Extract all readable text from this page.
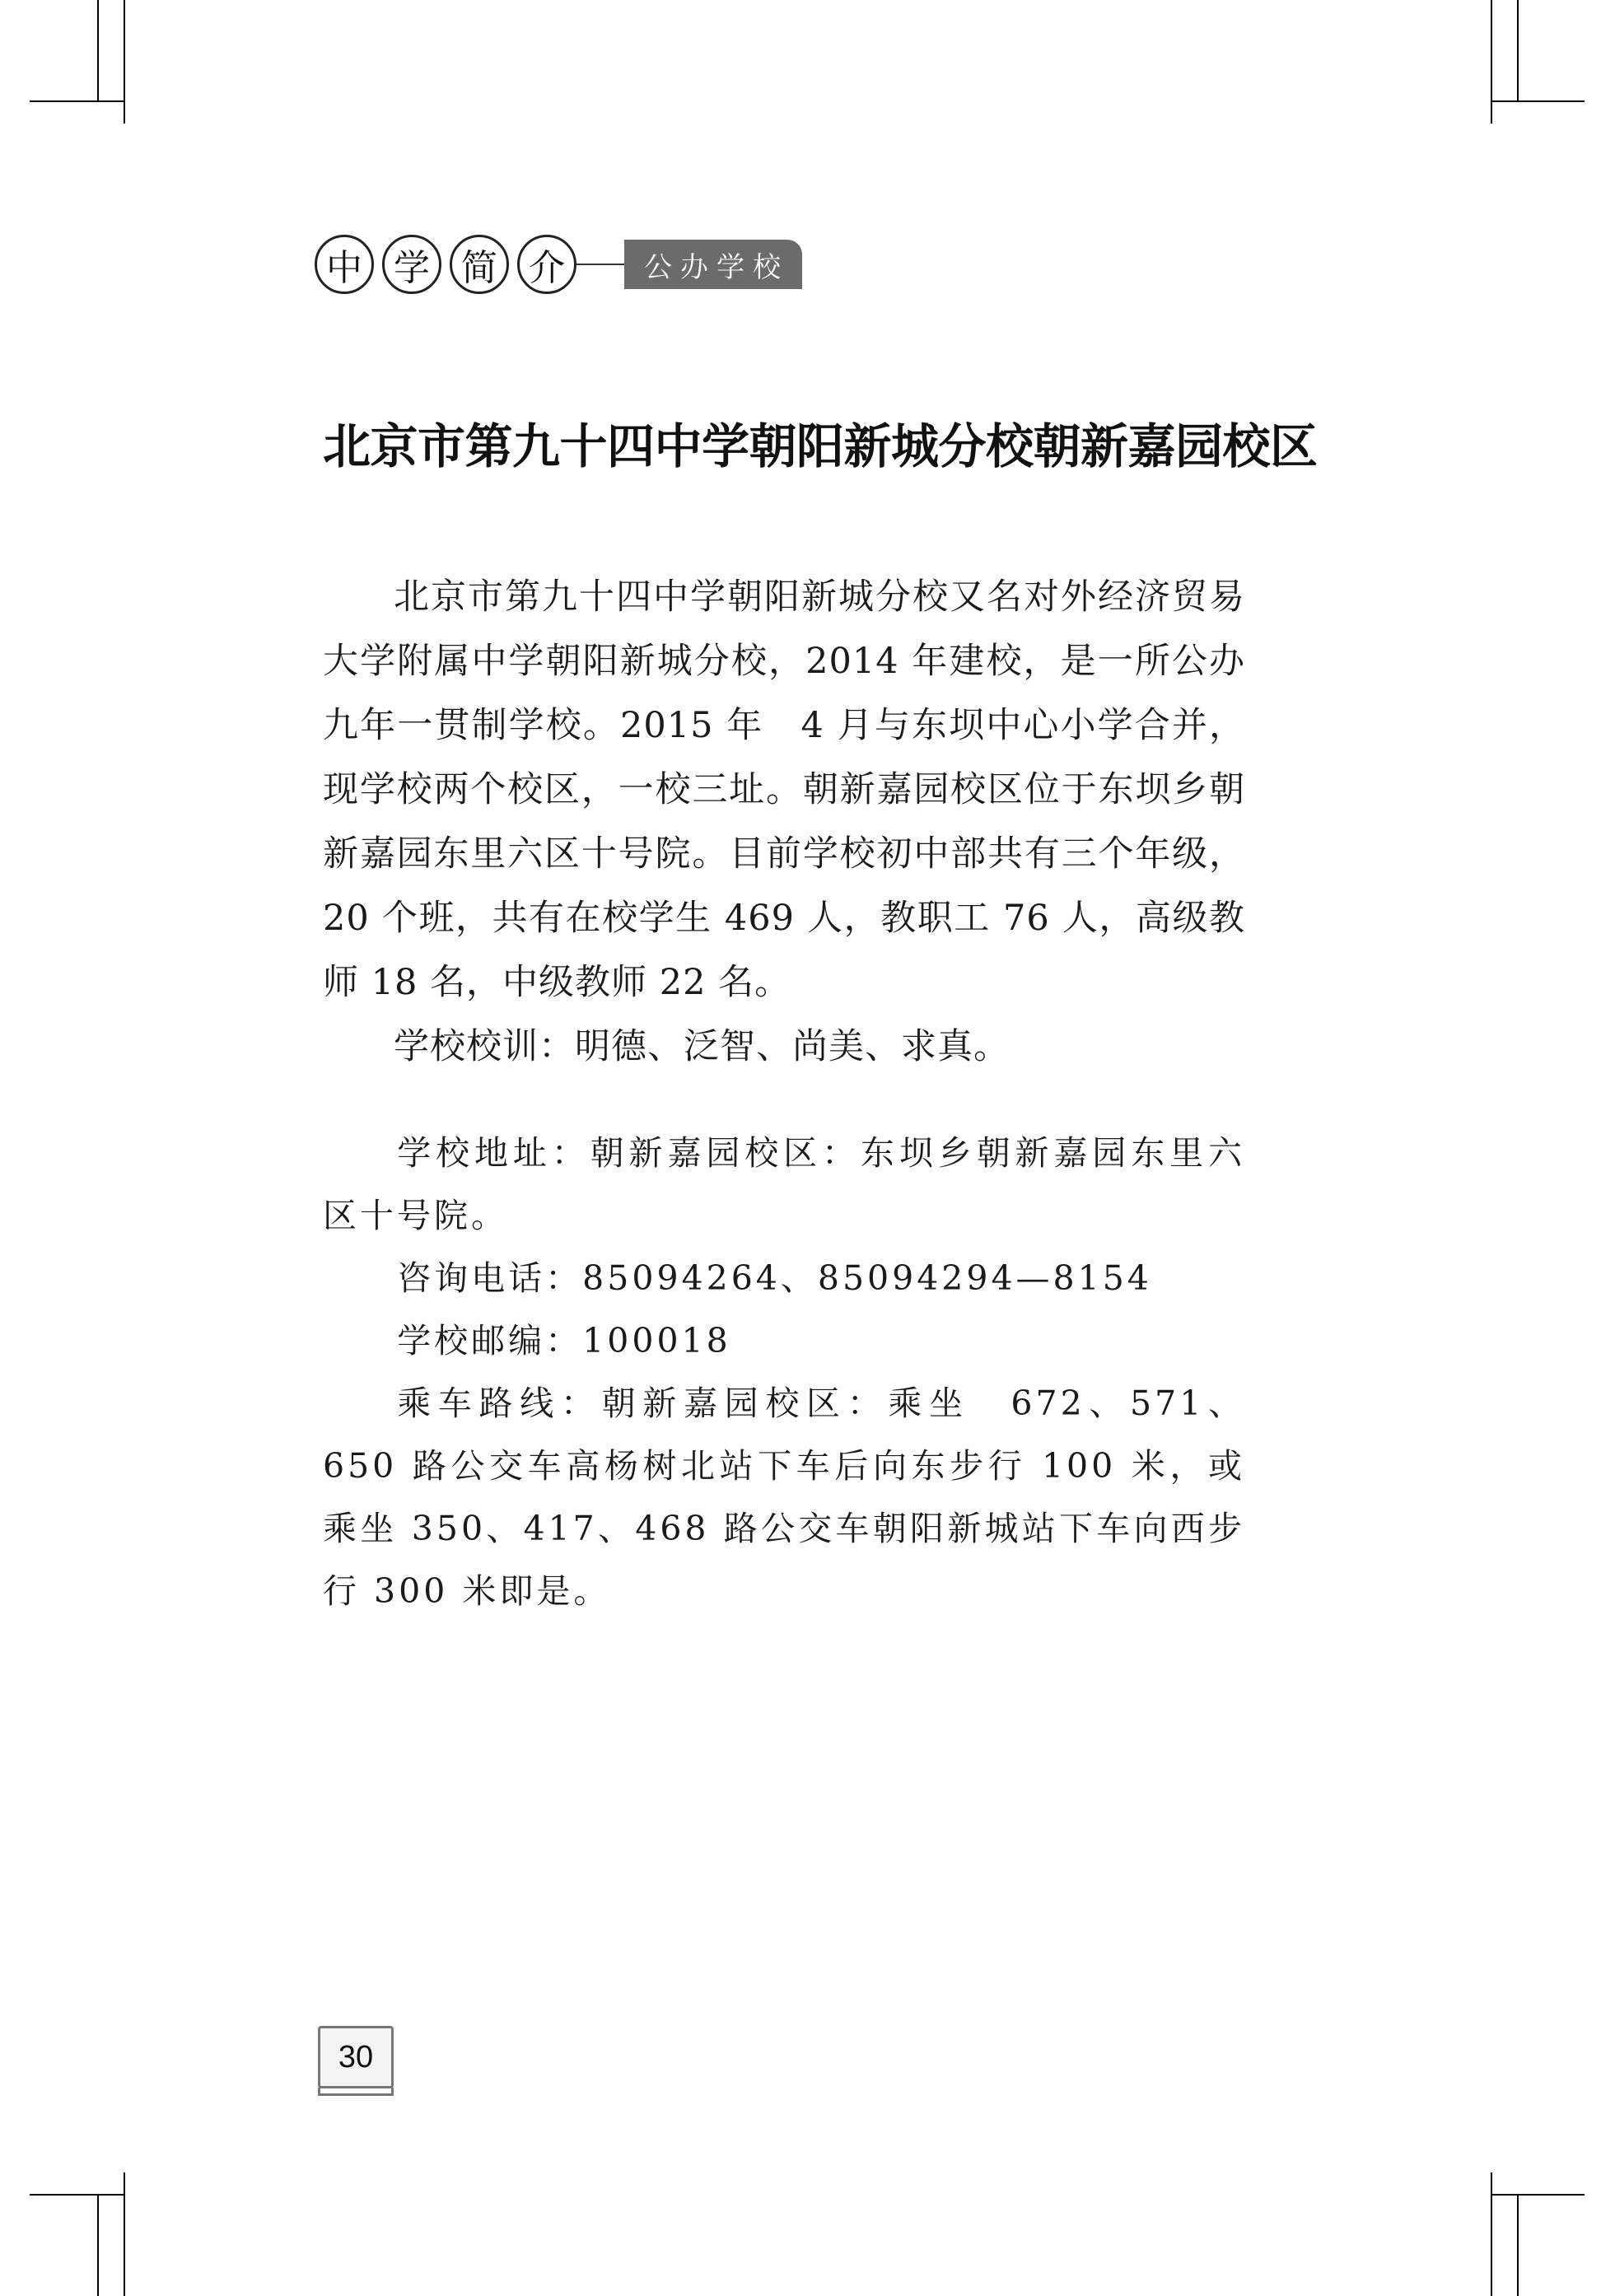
中 学 简 介	公办学校
北京市第九十四中学朝阳新城分校朝新嘉园校区

北京市第九十四中学朝阳新城分校又名对外经济贸易大学附属中学朝阳新城分校，2014 年建校，是一所公办九年一贯制学校。2015 年　4 月与东坝中心小学合并，现学校两个校区，一校三址。朝新嘉园校区位于东坝乡朝新嘉园东里六区十号院。目前学校初中部共有三个年级，20 个班，共有在校学生 469 人，教职工 76 人，高级教师 18 名，中级教师 22 名。

学校校训：明德、泛智、尚美、求真。

学校地址：朝新嘉园校区：东坝乡朝新嘉园东里六区十号院。

咨询电话：85094264、85094294—8154

学校邮编：100018

乘车路线：朝新嘉园校区：乘坐　672、571、650 路公交车高杨树北站下车后向东步行 100 米，或乘坐 350、417、468 路公交车朝阳新城站下车向西步行 300 米即是。

30
